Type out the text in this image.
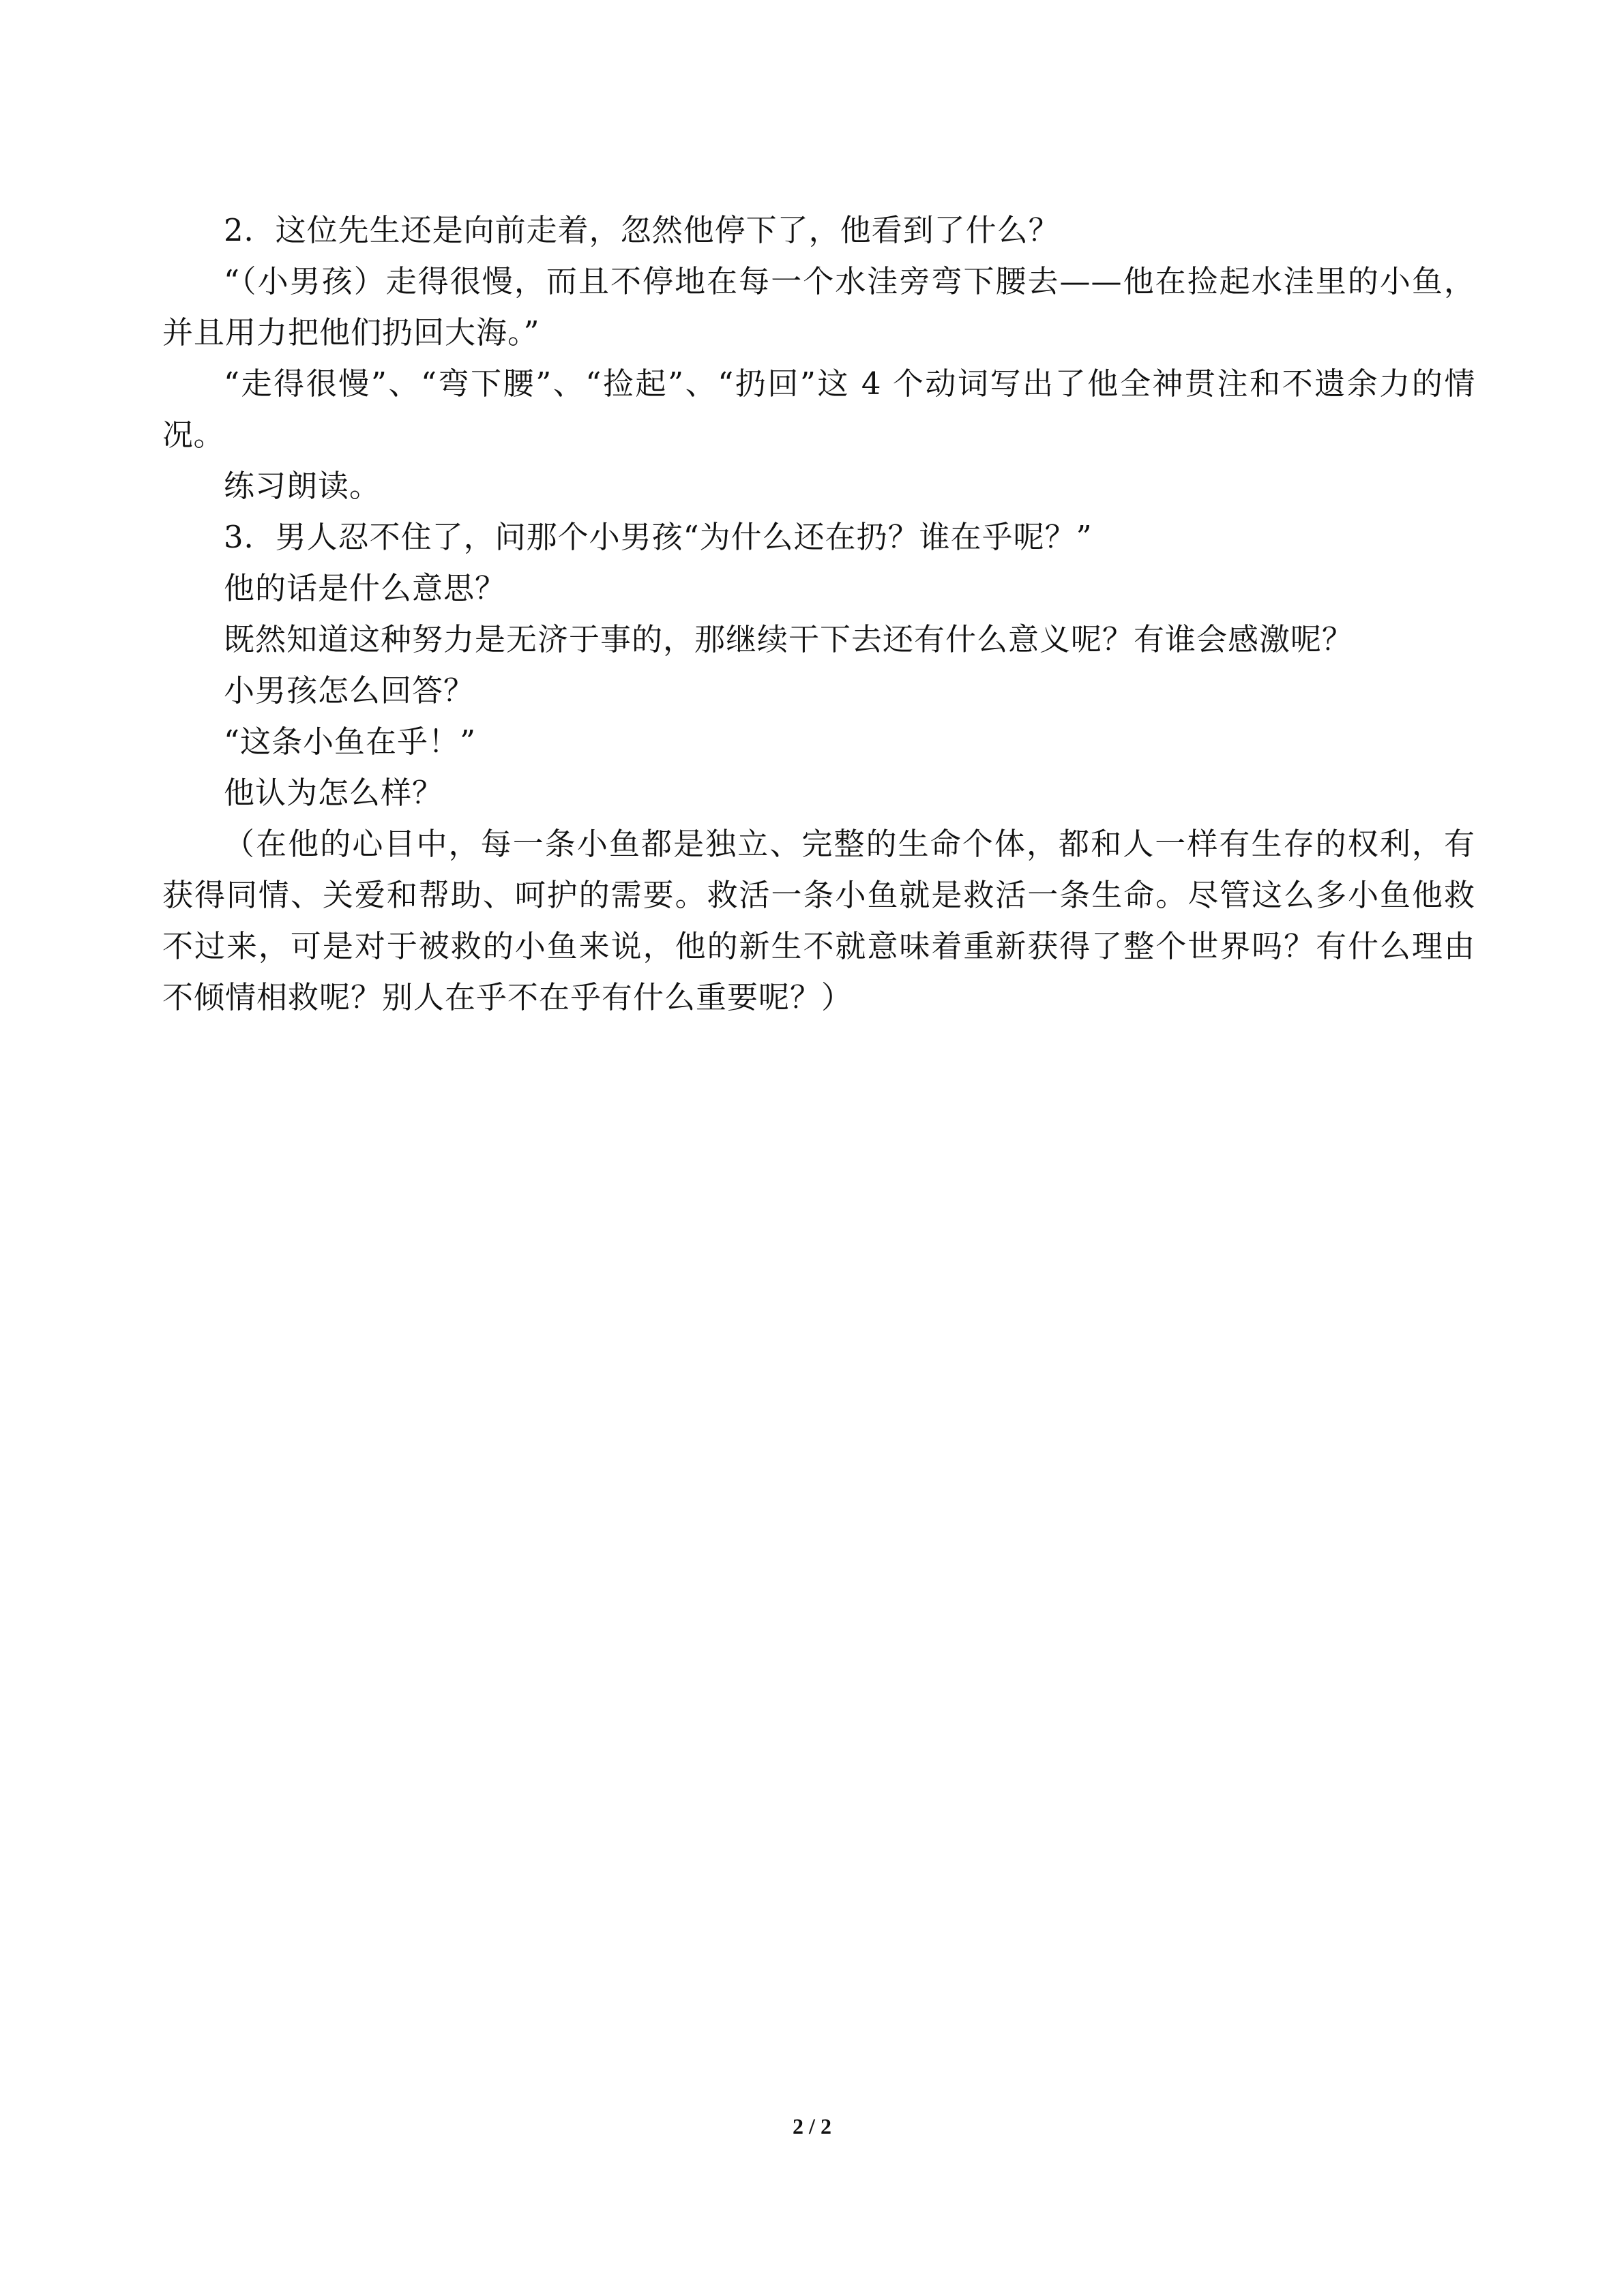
2．这位先生还是向前走着，忽然他停下了，他看到了什么？

“（小男孩）走得很慢，而且不停地在每一个水洼旁弯下腰去——他在捡起水洼里的小鱼，并且用力把他们扔回大海。”

“走得很慢”、“弯下腰”、“捡起”、“扔回”这 4 个动词写出了他全神贯注和不遗余力的情况。

练习朗读。

3．男人忍不住了，问那个小男孩“为什么还在扔？谁在乎呢？”

他的话是什么意思？

既然知道这种努力是无济于事的，那继续干下去还有什么意义呢？有谁会感激呢？

小男孩怎么回答？

“这条小鱼在乎！”

他认为怎么样？

（在他的心目中，每一条小鱼都是独立、完整的生命个体，都和人一样有生存的权利，有获得同情、关爱和帮助、呵护的需要。救活一条小鱼就是救活一条生命。尽管这么多小鱼他救不过来，可是对于被救的小鱼来说，他的新生不就意味着重新获得了整个世界吗？有什么理由不倾情相救呢？别人在乎不在乎有什么重要呢？）

2 / 2
